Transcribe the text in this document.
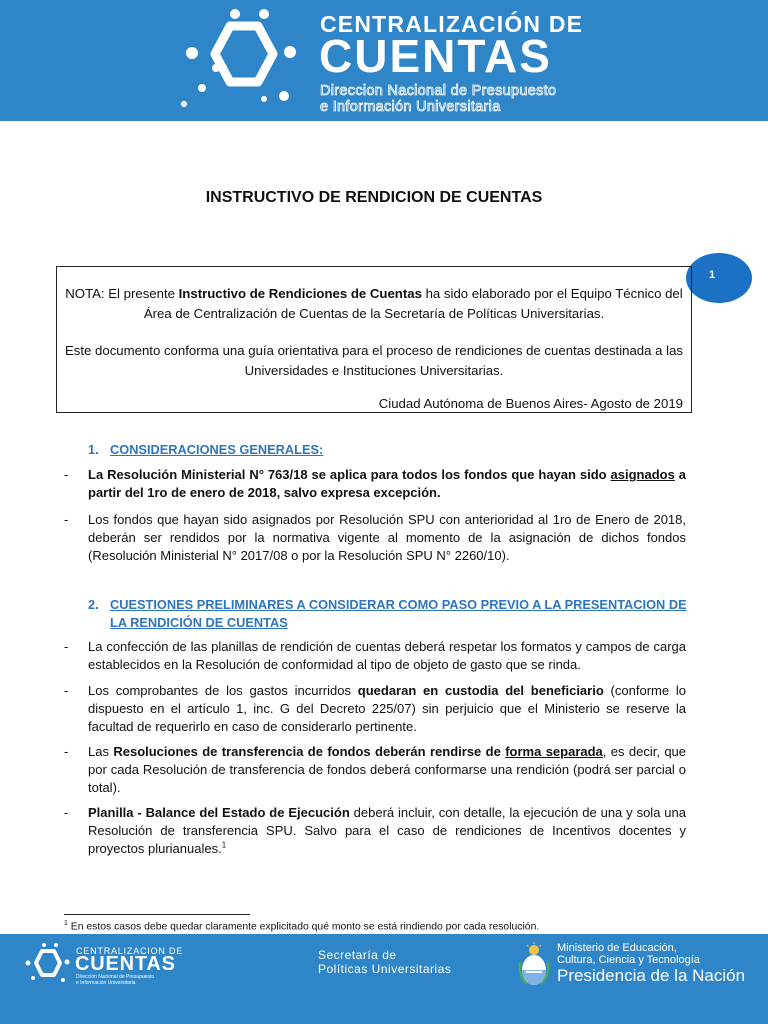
CENTRALIZACIÓN DE
CUENTAS
Direccion Nacional de Presupuesto
e Información Universitaria
INSTRUCTIVO DE RENDICION DE CUENTAS
1
NOTA: El presente Instructivo de Rendiciones de Cuentas ha sido elaborado por el Equipo Técnico del Área de Centralización de Cuentas de la Secretaría de Políticas Universitarias.
Este documento conforma una guía orientativa para el proceso de rendiciones de cuentas destinada a las Universidades e Instituciones Universitarias.
Ciudad Autónoma de Buenos Aires- Agosto de 2019
1. CONSIDERACIONES GENERALES:
- La Resolución Ministerial N° 763/18 se aplica para todos los fondos que hayan sido asignados a partir del 1ro de enero de 2018, salvo expresa excepción.
- Los fondos que hayan sido asignados por Resolución SPU con anterioridad al 1ro de Enero de 2018, deberán ser rendidos por la normativa vigente al momento de la asignación de dichos fondos (Resolución Ministerial N° 2017/08 o por la Resolución SPU N° 2260/10).
2. CUESTIONES PRELIMINARES A CONSIDERAR COMO PASO PREVIO A LA PRESENTACION DE
LA RENDICIÓN DE CUENTAS
- La confección de las planillas de rendición de cuentas deberá respetar los formatos y campos de carga establecidos en la Resolución de conformidad al tipo de objeto de gasto que se rinda.
- Los comprobantes de los gastos incurridos quedaran en custodia del beneficiario (conforme lo dispuesto en el artículo 1, inc. G del Decreto 225/07) sin perjuicio que el Ministerio se reserve la facultad de requerirlo en caso de considerarlo pertinente.
- Las Resoluciones de transferencia de fondos deberán rendirse de forma separada, es decir, que por cada Resolución de transferencia de fondos deberá conformarse una rendición (podrá ser parcial o total).
- Planilla - Balance del Estado de Ejecución deberá incluir, con detalle, la ejecución de una y sola una Resolución de transferencia SPU. Salvo para el caso de rendiciones de Incentivos docentes y proyectos plurianuales.$^1$
$^1$ En estos casos debe quedar claramente explicitado qué monto se está rindiendo por cada resolución.
CENTRALIZACION DE
CUENTAS
Dirección Nacional de Presupuesto
e Información Universitaria
Secretaría de
Políticas Universitarias
Ministerio de Educación,
Cultura, Ciencia y Tecnología
Presidencia de la Nación
